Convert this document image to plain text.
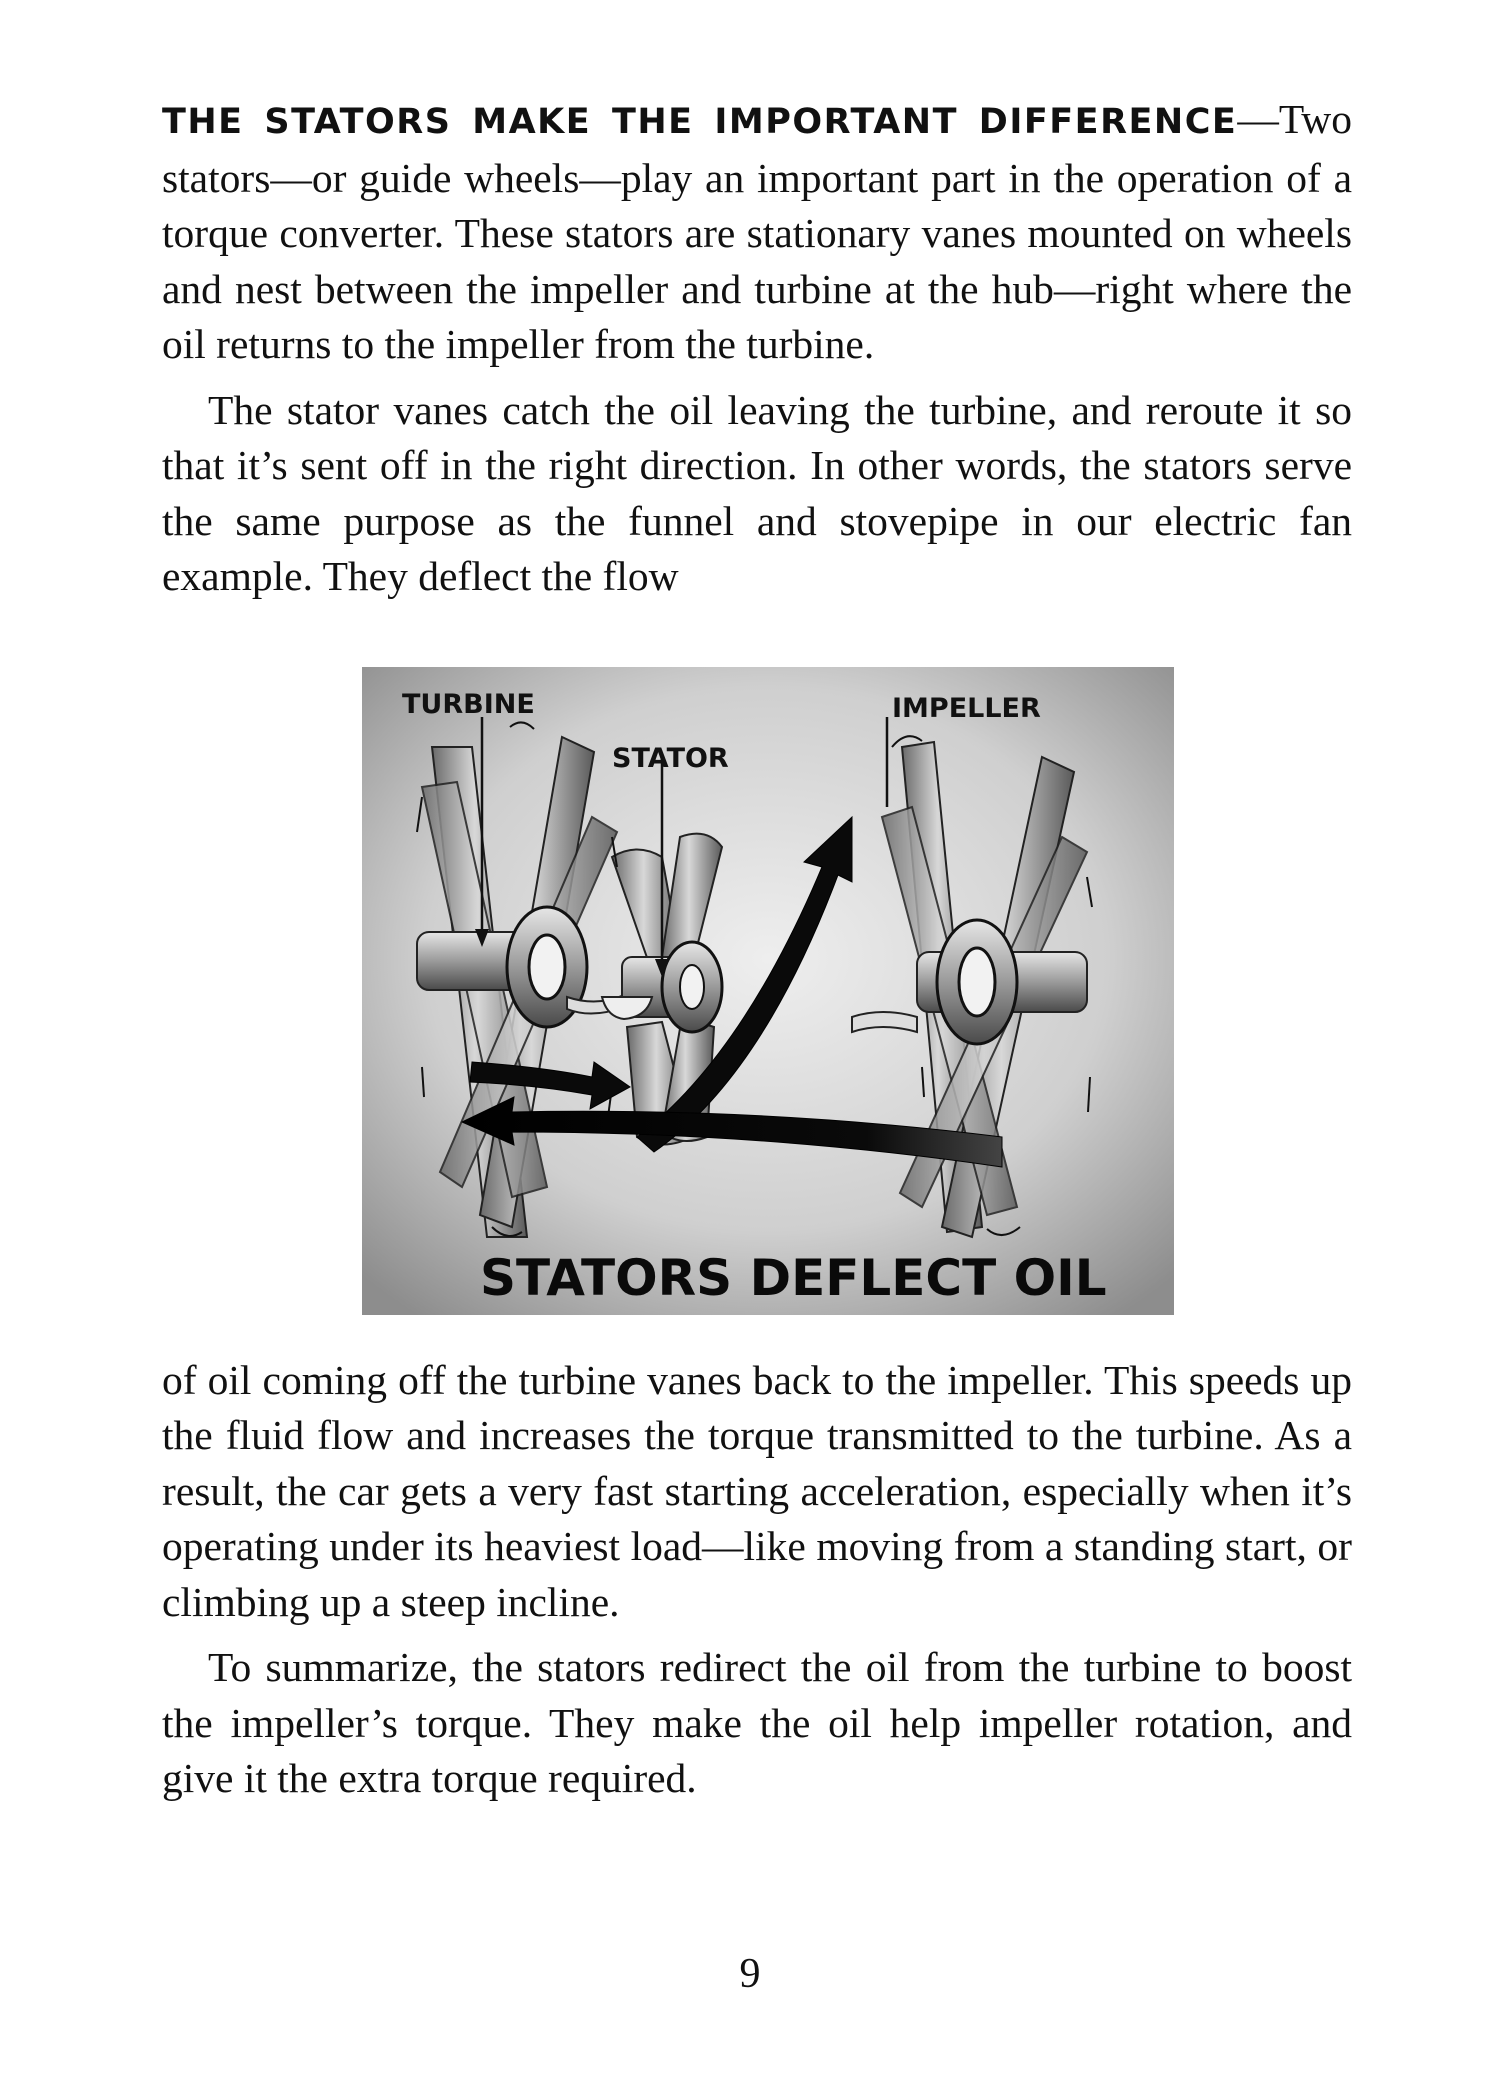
THE STATORS MAKE THE IMPORTANT DIFFERENCE—Two stators—or guide wheels—play an important part in the operation of a torque converter. These stators are stationary vanes mounted on wheels and nest between the impeller and turbine at the hub—right where the oil returns to the impeller from the turbine.

The stator vanes catch the oil leaving the turbine, and reroute it so that it’s sent off in the right direction. In other words, the stators serve the same purpose as the funnel and stovepipe in our electric fan example. They deflect the flow

TURBINE
STATOR
IMPELLER
STATORS DEFLECT OIL

of oil coming off the turbine vanes back to the impeller. This speeds up the fluid flow and increases the torque transmitted to the turbine. As a result, the car gets a very fast starting acceleration, especially when it’s operating under its heaviest load—like moving from a standing start, or climbing up a steep incline.

To summarize, the stators redirect the oil from the turbine to boost the impeller’s torque. They make the oil help impeller rotation, and give it the extra torque required.

9
